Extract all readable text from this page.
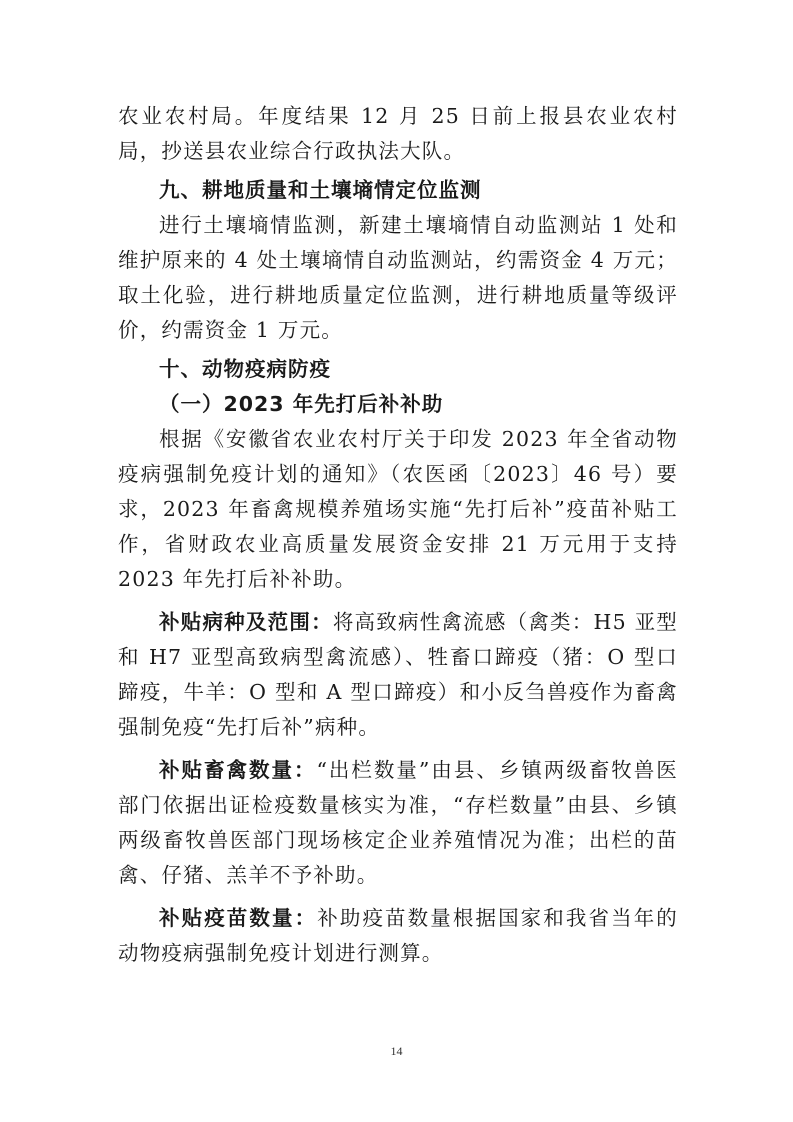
农业农村局。年度结果 12 月 25 日前上报县农业农村局，抄送县农业综合行政执法大队。

九、耕地质量和土壤墒情定位监测

进行土壤墒情监测，新建土壤墒情自动监测站 1 处和维护原来的 4 处土壤墒情自动监测站，约需资金 4 万元；取土化验，进行耕地质量定位监测，进行耕地质量等级评价，约需资金 1 万元。

十、动物疫病防疫

（一）2023 年先打后补补助

根据《安徽省农业农村厅关于印发 2023 年全省动物疫病强制免疫计划的通知》（农医函〔2023〕46 号）要求，2023 年畜禽规模养殖场实施“先打后补”疫苗补贴工作，省财政农业高质量发展资金安排 21 万元用于支持 2023 年先打后补补助。

补贴病种及范围：将高致病性禽流感（禽类：H5 亚型和 H7 亚型高致病型禽流感）、牲畜口蹄疫（猪：O 型口蹄疫，牛羊：O 型和 A 型口蹄疫）和小反刍兽疫作为畜禽强制免疫“先打后补”病种。

补贴畜禽数量：“出栏数量”由县、乡镇两级畜牧兽医部门依据出证检疫数量核实为准，“存栏数量”由县、乡镇两级畜牧兽医部门现场核定企业养殖情况为准；出栏的苗禽、仔猪、羔羊不予补助。

补贴疫苗数量：补助疫苗数量根据国家和我省当年的动物疫病强制免疫计划进行测算。

14
